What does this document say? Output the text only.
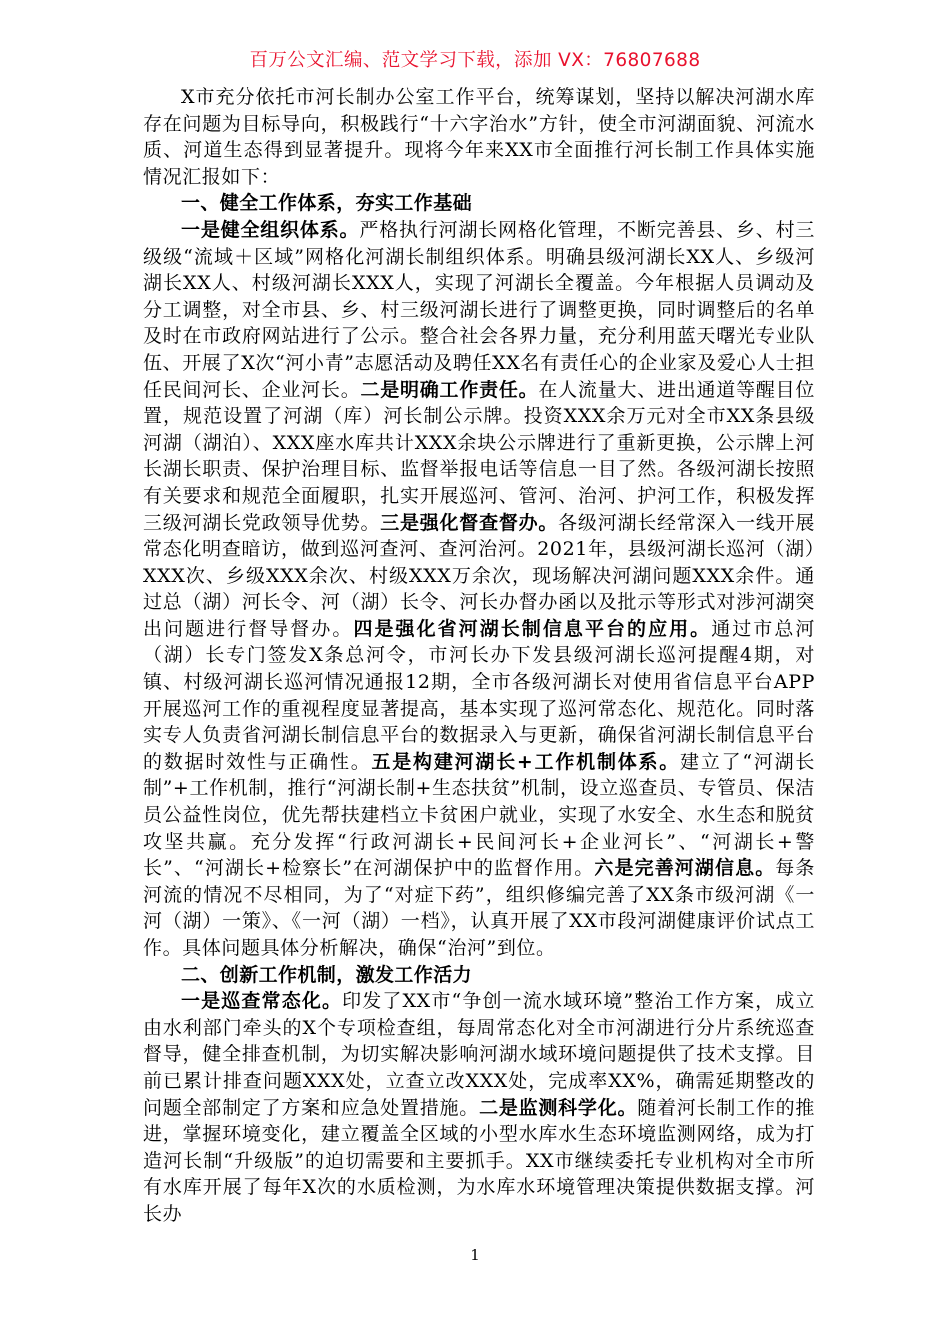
百万公文汇编、范文学习下载，添加 VX：76807688

X市充分依托市河长制办公室工作平台，统筹谋划，坚持以解决河湖水库存在问题为目标导向，积极践行“十六字治水”方针，使全市河湖面貌、河流水质、河道生态得到显著提升。现将今年来XX市全面推行河长制工作具体实施情况汇报如下：

一、健全工作体系，夯实工作基础

一是健全组织体系。严格执行河湖长网格化管理，不断完善县、乡、村三级级“流域＋区域”网格化河湖长制组织体系。明确县级河湖长XX人、乡级河湖长XX人、村级河湖长XXX人，实现了河湖长全覆盖。今年根据人员调动及分工调整，对全市县、乡、村三级河湖长进行了调整更换，同时调整后的名单及时在市政府网站进行了公示。整合社会各界力量，充分利用蓝天曙光专业队伍、开展了X次“河小青”志愿活动及聘任XX名有责任心的企业家及爱心人士担任民间河长、企业河长。二是明确工作责任。在人流量大、进出通道等醒目位置，规范设置了河湖（库）河长制公示牌。投资XXX余万元对全市XX条县级河湖（湖泊）、XXX座水库共计XXX余块公示牌进行了重新更换，公示牌上河长湖长职责、保护治理目标、监督举报电话等信息一目了然。各级河湖长按照有关要求和规范全面履职，扎实开展巡河、管河、治河、护河工作，积极发挥三级河湖长党政领导优势。三是强化督查督办。各级河湖长经常深入一线开展常态化明查暗访，做到巡河查河、查河治河。2021年，县级河湖长巡河（湖）XXX次、乡级XXX余次、村级XXX万余次，现场解决河湖问题XXX余件。通过总（湖）河长令、河（湖）长令、河长办督办函以及批示等形式对涉河湖突出问题进行督导督办。四是强化省河湖长制信息平台的应用。通过市总河（湖）长专门签发X条总河令，市河长办下发县级河湖长巡河提醒4期，对镇、村级河湖长巡河情况通报12期，全市各级河湖长对使用省信息平台APP开展巡河工作的重视程度显著提高，基本实现了巡河常态化、规范化。同时落实专人负责省河湖长制信息平台的数据录入与更新，确保省河湖长制信息平台的数据时效性与正确性。五是构建河湖长+工作机制体系。建立了“河湖长制”+工作机制，推行“河湖长制+生态扶贫”机制，设立巡查员、专管员、保洁员公益性岗位，优先帮扶建档立卡贫困户就业，实现了水安全、水生态和脱贫攻坚共赢。充分发挥“行政河湖长+民间河长+企业河长”、“河湖长+警长”、“河湖长+检察长”在河湖保护中的监督作用。六是完善河湖信息。每条河流的情况不尽相同，为了“对症下药”，组织修编完善了XX条市级河湖《一河（湖）一策》、《一河（湖）一档》，认真开展了XX市段河湖健康评价试点工作。具体问题具体分析解决，确保“治河”到位。

二、创新工作机制，激发工作活力

一是巡查常态化。印发了XX市“争创一流水域环境”整治工作方案，成立由水利部门牵头的X个专项检查组，每周常态化对全市河湖进行分片系统巡查督导，健全排查机制，为切实解决影响河湖水域环境问题提供了技术支撑。目前已累计排查问题XXX处，立查立改XXX处，完成率XX%，确需延期整改的问题全部制定了方案和应急处置措施。二是监测科学化。随着河长制工作的推进，掌握环境变化，建立覆盖全区域的小型水库水生态环境监测网络，成为打造河长制“升级版”的迫切需要和主要抓手。XX市继续委托专业机构对全市所有水库开展了每年X次的水质检测，为水库水环境管理决策提供数据支撑。河长办

1
